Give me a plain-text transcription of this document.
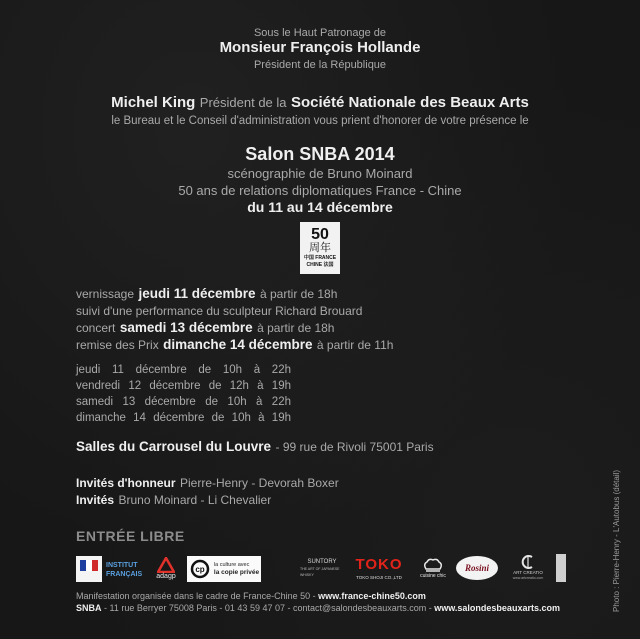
Sous le Haut Patronage de
Monsieur François Hollande
Président de la République
Michel King Président de la Société Nationale des Beaux Arts
le Bureau et le Conseil d'administration vous prient d'honorer de votre présence le
Salon SNBA 2014
scénographie de Bruno Moinard
50 ans de relations diplomatiques France - Chine
du 11 au 14 décembre
50
周年
中国 FRANCE
CHINE 法国
vernissage jeudi 11 décembre à partir de 18h
suivi d'une performance du sculpteur Richard Brouard
concert samedi 13 décembre à partir de 18h
remise des Prix dimanche 14 décembre à partir de 11h
jeudi 11 décembre de 10h à 22h
vendredi 12 décembre de 12h à 19h
samedi 13 décembre de 10h à 22h
dimanche 14 décembre de 10h à 19h
Salles du Carrousel du Louvre - 99 rue de Rivoli 75001 Paris
Invités d'honneur Pierre-Henry - Devorah Boxer
Invités Bruno Moinard - Li Chevalier
ENTRÉE LIBRE
INSTITUT FRANÇAIS	adagp
cp
la culture avec
la copie privée
SUNTORY
THE ART OF JAPANESE WHISKY
TOKO
TOKO SHOJI CO.,LTD	cuisine chic
Rosini	ART CREATIO
www.artcreatio.com
Manifestation organisée dans le cadre de France-Chine 50 - www.france-chine50.com
SNBA - 11 rue Berryer 75008 Paris - 01 43 59 47 07 - contact@salondesbeauxarts.com - www.salondesbeauxarts.com	Photo : Pierre-Henry - L'Autobus (détail)
